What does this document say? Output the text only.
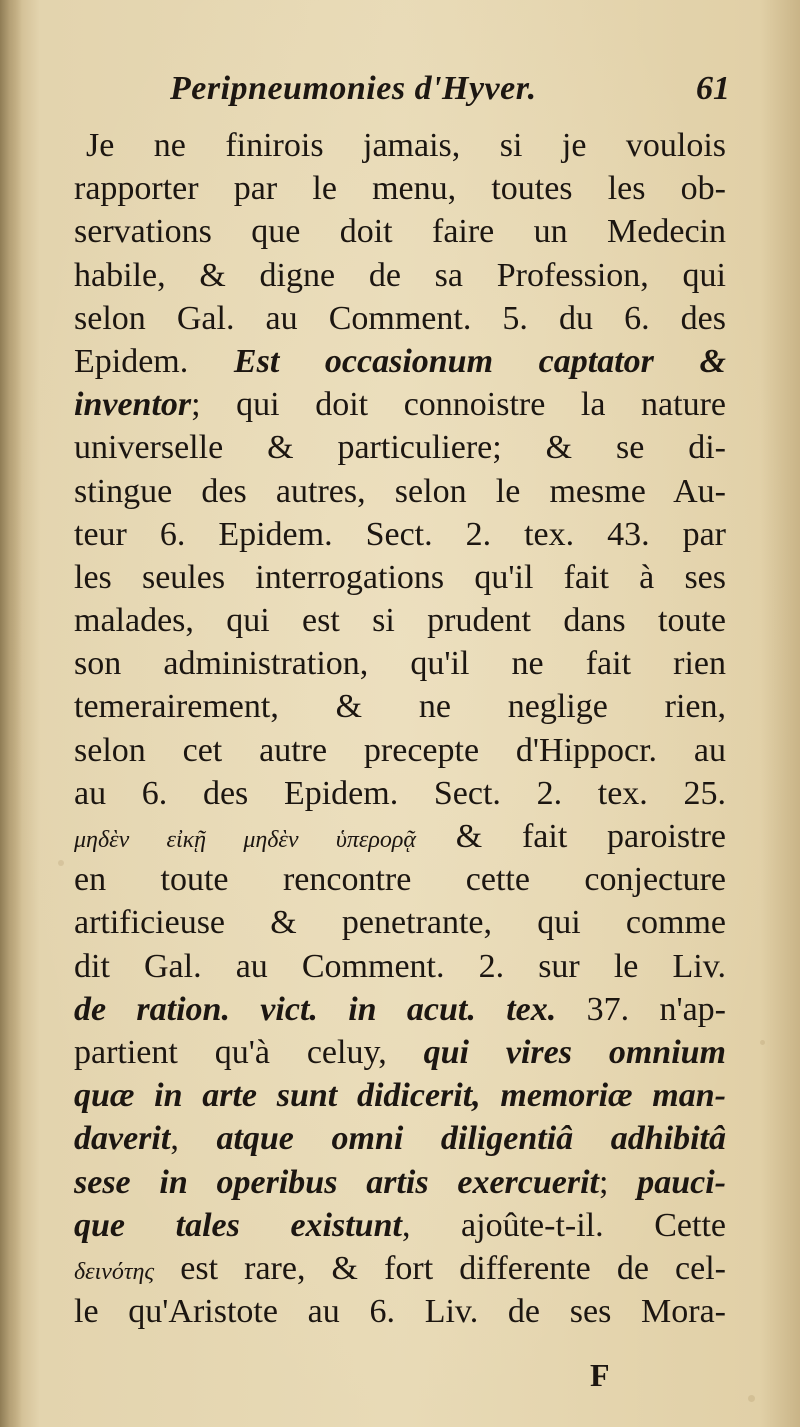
Peripneumonies d'Hyver.	61
Je ne finirois jamais, si je voulois
rapporter par le menu, toutes les ob-
servations que doit faire un Medecin
habile, & digne de sa Profession, qui
selon Gal. au Comment. 5. du 6. des
Epidem. Est occasionum captator &
inventor; qui doit connoistre la nature
universelle & particuliere; & se di-
stingue des autres, selon le mesme Au-
teur 6. Epidem. Sect. 2. tex. 43. par
les seules interrogations qu'il fait à ses
malades, qui est si prudent dans toute
son administration, qu'il ne fait rien
temerairement, & ne neglige rien,
selon cet autre precepte d'Hippocr. au
au 6. des Epidem. Sect. 2. tex. 25.
μηδὲν εἰκῇ μηδὲν ὑπερορᾷ & fait paroistre
en toute rencontre cette conjecture
artificieuse & penetrante, qui comme
dit Gal. au Comment. 2. sur le Liv.
de ration. vict. in acut. tex. 37. n'ap-
partient qu'à celuy, qui vires omnium
quæ in arte sunt didicerit, memoriæ man-
daverit, atque omni diligentiâ adhibitâ
sese in operibus artis exercuerit; pauci-
que tales existunt, ajoûte-t-il. Cette
δεινότης est rare, & fort differente de cel-
le qu'Aristote au 6. Liv. de ses Mora-
F
